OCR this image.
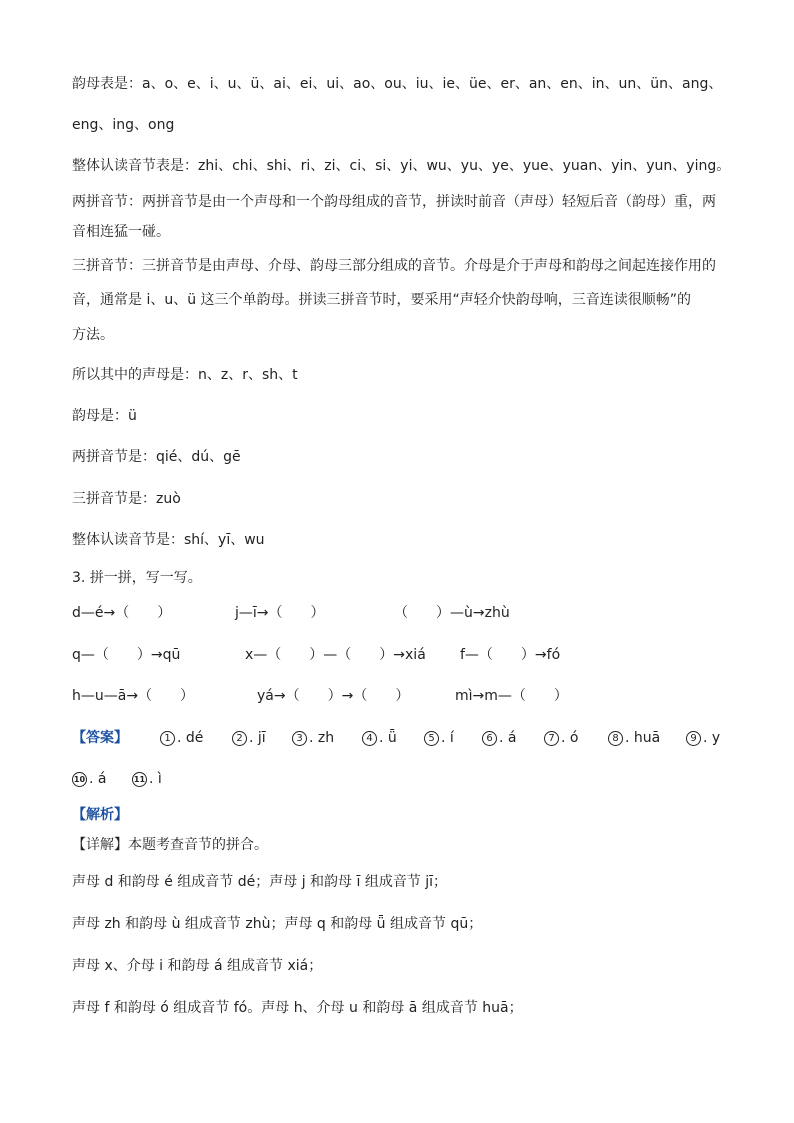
韵母表是：a、o、e、i、u、ü、ai、ei、ui、ao、ou、iu、ie、üe、er、an、en、in、un、ün、ang、
eng、ing、ong
整体认读音节表是：zhi、chi、shi、ri、zi、ci、si、yi、wu、yu、ye、yue、yuan、yin、yun、ying。
两拼音节：两拼音节是由一个声母和一个韵母组成的音节，拼读时前音（声母）轻短后音（韵母）重，两
音相连猛一碰。
三拼音节：三拼音节是由声母、介母、韵母三部分组成的音节。介母是介于声母和韵母之间起连接作用的
音，通常是 i、u、ü 这三个单韵母。拼读三拼音节时，要采用“声轻介快韵母响，三音连读很顺畅”的
方法。
所以其中的声母是：n、z、r、sh、t
韵母是：ü
两拼音节是：qié、dú、gē
三拼音节是：zuò
整体认读音节是：shí、yī、wu
3. 拼一拼，写一写。
d—é→（　　）	j—ī→（　　）	（　　）—ù→zhù
q—（　　）→qū	x—（　　）—（　　）→xiá f—（　　）→fó
h—u—ā→（　　）	yá→（　　）→（　　）	mì→m—（　　）
【答案】	1 . dé	2 . jī	3 . zh	4 . ǖ	5 . í	6 . á	7 . ó	8 . huā	9 . y
10 . á	11 . ì
【解析】
【详解】本题考查音节的拼合。
声母 d 和韵母 é 组成音节 dé；声母 j 和韵母 ī 组成音节 jī；
声母 zh 和韵母 ù 组成音节 zhù；声母 q 和韵母 ǖ 组成音节 qū；
声母 x、介母 i 和韵母 á 组成音节 xiá；
声母 f 和韵母 ó 组成音节 fó。声母 h、介母 u 和韵母 ā 组成音节 huā；
